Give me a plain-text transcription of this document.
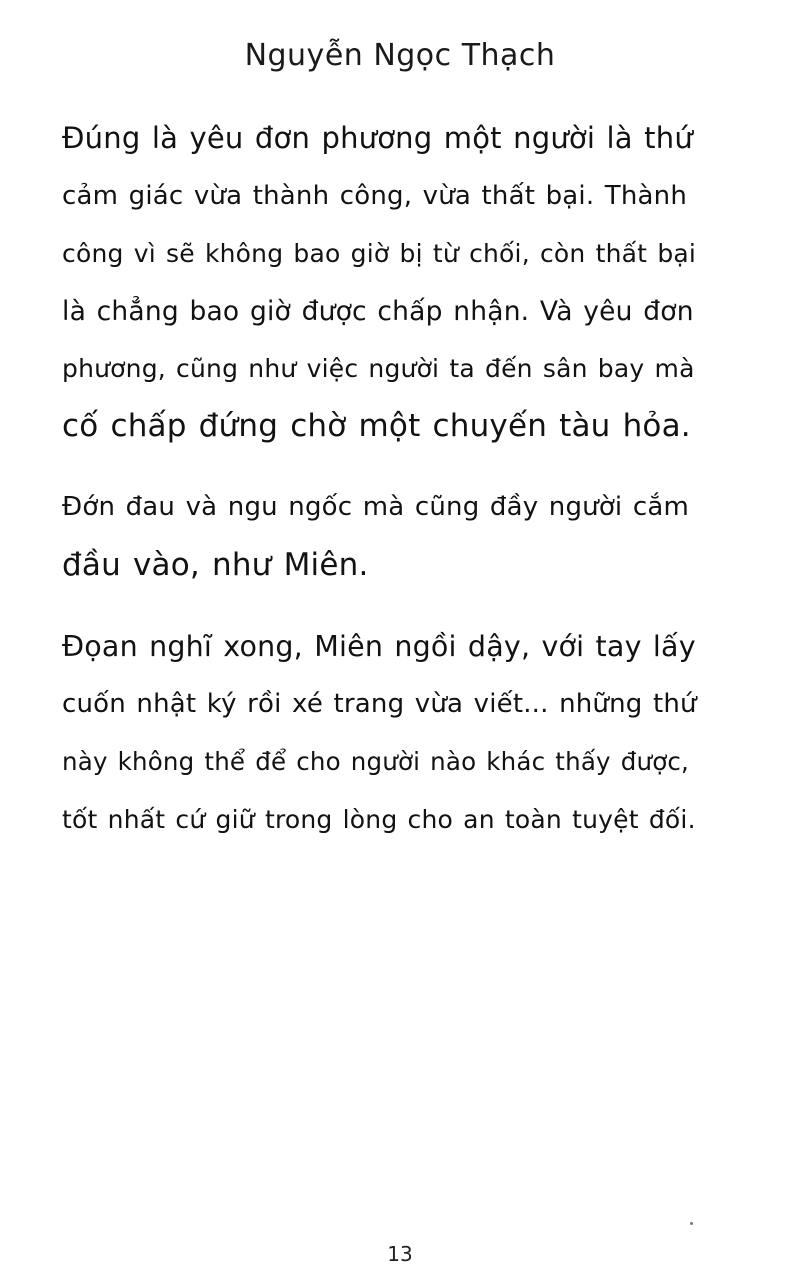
Nguyễn Ngọc Thạch

Đúng là yêu đơn phương một người là thứ
cảm giác vừa thành công, vừa thất bại. Thành
công vì sẽ không bao giờ bị từ chối, còn thất bại
là chẳng bao giờ được chấp nhận. Và yêu đơn
phương, cũng như việc người ta đến sân bay mà
cố chấp đứng chờ một chuyến tàu hỏa.

Đớn đau và ngu ngốc mà cũng đầy người cắm
đầu vào, như Miên.

Đọan nghĩ xong, Miên ngồi dậy, với tay lấy
cuốn nhật ký rồi xé trang vừa viết... những thứ
này không thể để cho người nào khác thấy được,
tốt nhất cứ giữ trong lòng cho an toàn tuyệt đối.

13
